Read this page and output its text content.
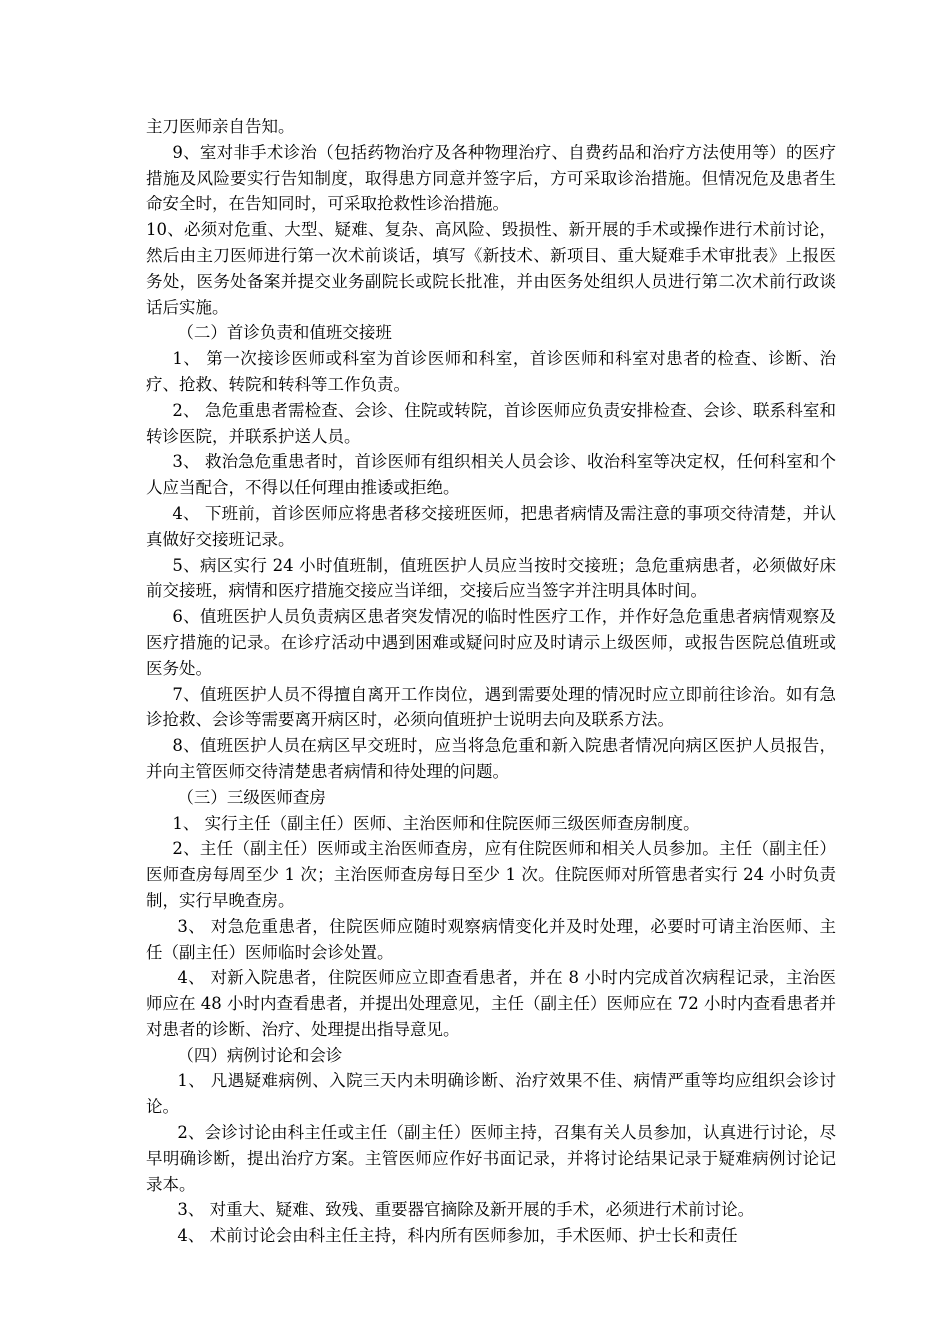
主刀医师亲自告知。

9、室对非手术诊治（包括药物治疗及各种物理治疗、自费药品和治疗方法使用等）的医疗措施及风险要实行告知制度，取得患方同意并签字后，方可采取诊治措施。但情况危及患者生命安全时，在告知同时，可采取抢救性诊治措施。

10、必须对危重、大型、疑难、复杂、高风险、毁损性、新开展的手术或操作进行术前讨论，然后由主刀医师进行第一次术前谈话，填写《新技术、新项目、重大疑难手术审批表》上报医务处，医务处备案并提交业务副院长或院长批准，并由医务处组织人员进行第二次术前行政谈话后实施。

（二）首诊负责和值班交接班

1、 第一次接诊医师或科室为首诊医师和科室，首诊医师和科室对患者的检查、诊断、治疗、抢救、转院和转科等工作负责。

2、 急危重患者需检查、会诊、住院或转院，首诊医师应负责安排检查、会诊、联系科室和转诊医院，并联系护送人员。

3、 救治急危重患者时，首诊医师有组织相关人员会诊、收治科室等决定权，任何科室和个人应当配合，不得以任何理由推诿或拒绝。

4、 下班前，首诊医师应将患者移交接班医师，把患者病情及需注意的事项交待清楚，并认真做好交接班记录。

5、病区实行 24 小时值班制，值班医护人员应当按时交接班；急危重病患者，必须做好床前交接班，病情和医疗措施交接应当详细，交接后应当签字并注明具体时间。

6、值班医护人员负责病区患者突发情况的临时性医疗工作，并作好急危重患者病情观察及医疗措施的记录。在诊疗活动中遇到困难或疑问时应及时请示上级医师，或报告医院总值班或医务处。

7、值班医护人员不得擅自离开工作岗位，遇到需要处理的情况时应立即前往诊治。如有急诊抢救、会诊等需要离开病区时，必须向值班护士说明去向及联系方法。

8、值班医护人员在病区早交班时，应当将急危重和新入院患者情况向病区医护人员报告，并向主管医师交待清楚患者病情和待处理的问题。

（三）三级医师查房

1、 实行主任（副主任）医师、主治医师和住院医师三级医师查房制度。

2、主任（副主任）医师或主治医师查房，应有住院医师和相关人员参加。主任（副主任）医师查房每周至少 1 次；主治医师查房每日至少 1 次。住院医师对所管患者实行 24 小时负责制，实行早晚查房。

3、 对急危重患者，住院医师应随时观察病情变化并及时处理，必要时可请主治医师、主任（副主任）医师临时会诊处置。

4、 对新入院患者，住院医师应立即查看患者，并在 8 小时内完成首次病程记录，主治医师应在 48 小时内查看患者，并提出处理意见，主任（副主任）医师应在 72 小时内查看患者并对患者的诊断、治疗、处理提出指导意见。

（四）病例讨论和会诊

1、 凡遇疑难病例、入院三天内未明确诊断、治疗效果不佳、病情严重等均应组织会诊讨论。

2、会诊讨论由科主任或主任（副主任）医师主持，召集有关人员参加，认真进行讨论，尽早明确诊断，提出治疗方案。主管医师应作好书面记录，并将讨论结果记录于疑难病例讨论记录本。

3、 对重大、疑难、致残、重要器官摘除及新开展的手术，必须进行术前讨论。

4、 术前讨论会由科主任主持，科内所有医师参加，手术医师、护士长和责任
